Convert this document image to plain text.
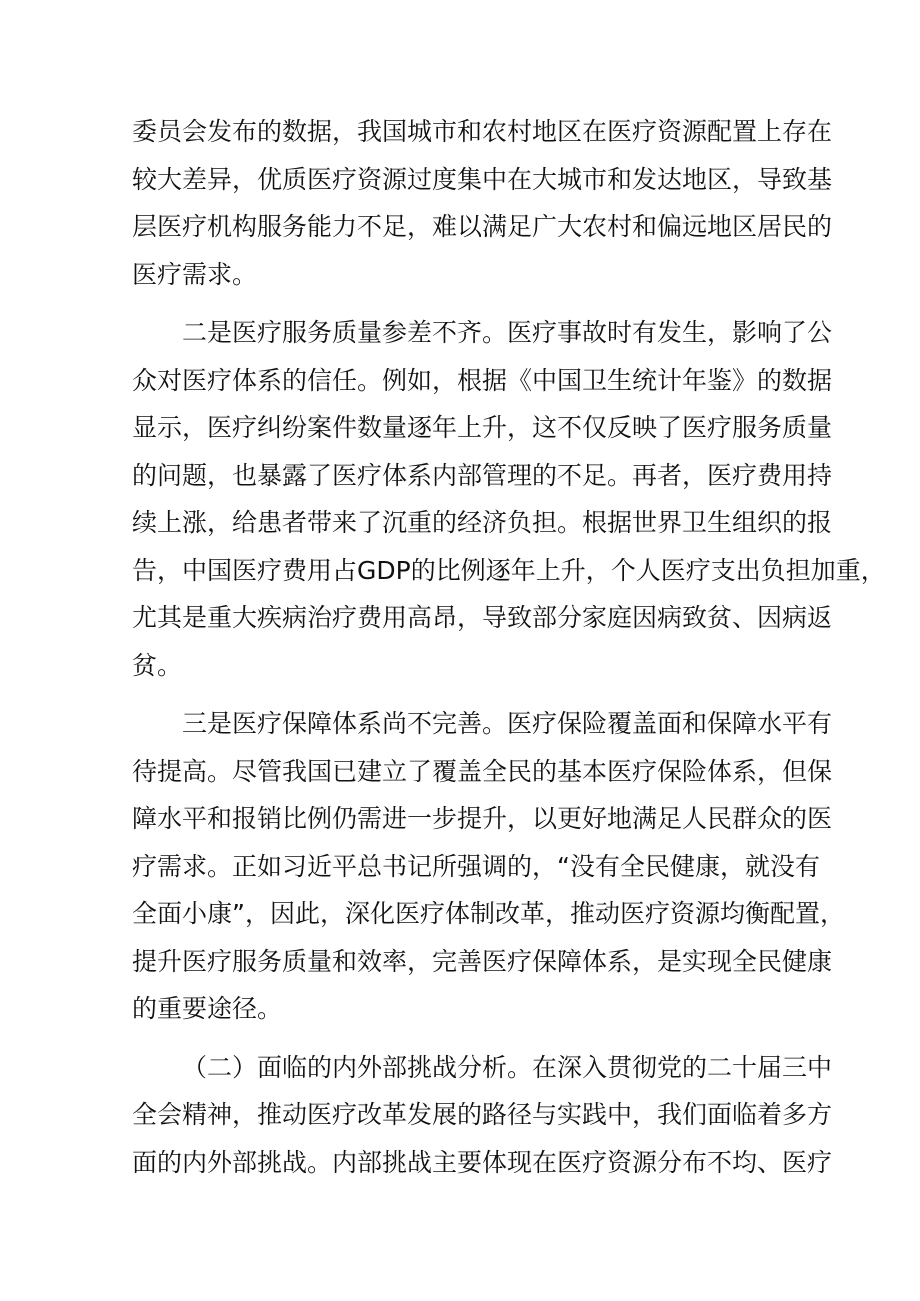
委员会发布的数据，我国城市和农村地区在医疗资源配置上存在
较大差异，优质医疗资源过度集中在大城市和发达地区，导致基
层医疗机构服务能力不足，难以满足广大农村和偏远地区居民的
医疗需求。
二是医疗服务质量参差不齐。医疗事故时有发生，影响了公
众对医疗体系的信任。例如，根据《中国卫生统计年鉴》的数据
显示，医疗纠纷案件数量逐年上升，这不仅反映了医疗服务质量
的问题，也暴露了医疗体系内部管理的不足。再者，医疗费用持
续上涨，给患者带来了沉重的经济负担。根据世界卫生组织的报
告，中国医疗费用占GDP的比例逐年上升，个人医疗支出负担加重，
尤其是重大疾病治疗费用高昂，导致部分家庭因病致贫、因病返
贫。
三是医疗保障体系尚不完善。医疗保险覆盖面和保障水平有
待提高。尽管我国已建立了覆盖全民的基本医疗保险体系，但保
障水平和报销比例仍需进一步提升，以更好地满足人民群众的医
疗需求。正如习近平总书记所强调的，“没有全民健康，就没有
全面小康”，因此，深化医疗体制改革，推动医疗资源均衡配置，
提升医疗服务质量和效率，完善医疗保障体系，是实现全民健康
的重要途径。
（二）面临的内外部挑战分析。在深入贯彻党的二十届三中
全会精神，推动医疗改革发展的路径与实践中，我们面临着多方
面的内外部挑战。内部挑战主要体现在医疗资源分布不均、医疗
